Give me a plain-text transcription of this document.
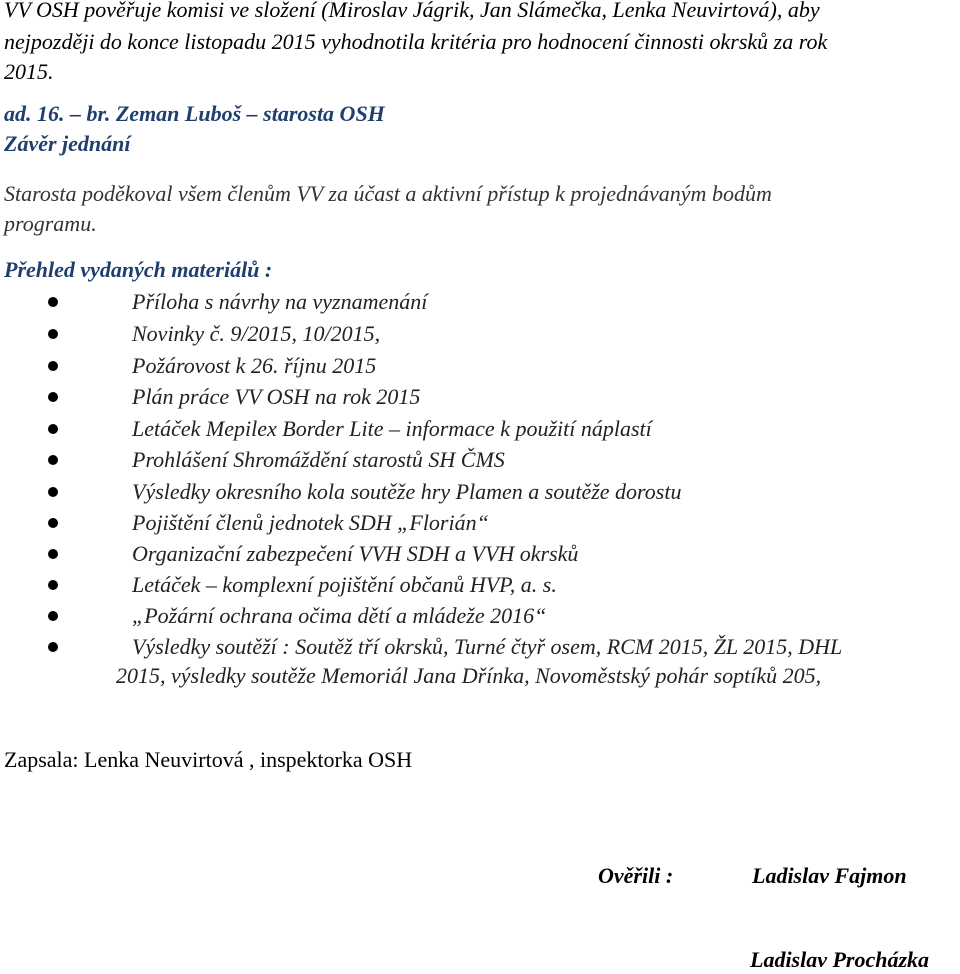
VV OSH pověřuje komisi ve složení (Miroslav Jágrik, Jan Slámečka, Lenka Neuvirtová), aby
nejpozději do konce listopadu 2015 vyhodnotila kritéria pro hodnocení činnosti okrsků za rok
2015.
ad. 16. – br. Zeman Luboš – starosta OSH
Závěr jednání
Starosta poděkoval všem členům VV za účast a aktivní přístup k projednávaným bodům
programu.
Přehled vydaných materiálů :
Příloha s návrhy na vyznamenání
Novinky č. 9/2015, 10/2015,
Požárovost k 26. říjnu 2015
Plán práce VV OSH na rok 2015
Letáček Mepilex Border Lite – informace k použití náplastí
Prohlášení Shromáždění starostů SH ČMS
Výsledky okresního kola soutěže hry Plamen a soutěže dorostu
Pojištění členů jednotek SDH „Florián“
Organizační zabezpečení VVH SDH a VVH okrsků
Letáček – komplexní pojištění občanů HVP, a. s.
„Požární ochrana očima dětí a mládeže 2016“
Výsledky soutěží : Soutěž tří okrsků, Turné čtyř osem, RCM 2015, ŽL 2015, DHL
2015, výsledky soutěže Memoriál Jana Dřínka, Novoměstský pohár soptíků 205,
Zapsala: Lenka Neuvirtová , inspektorka OSH
Ověřili :	Ladislav Fajmon
Ladislav Procházka
